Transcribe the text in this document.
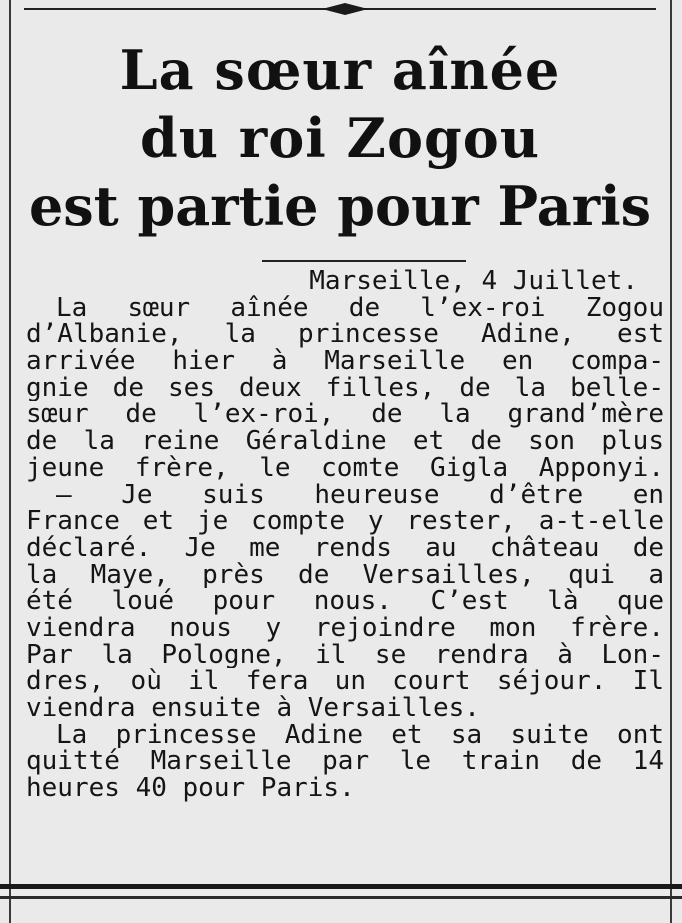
La sœur aînée
du roi Zogou
est partie pour Paris
Marseille, 4 Juillet.
La sœur aînée de l’ex-roi Zogou
d’Albanie, la princesse Adine, est
arrivée hier à Marseille en compa-
gnie de ses deux filles, de la belle-
sœur de l’ex-roi, de la grand’mère
de la reine Géraldine et de son plus
jeune frère, le comte Gigla Apponyi.
— Je suis heureuse d’être en
France et je compte y rester, a-t-elle
déclaré. Je me rends au château de
la Maye, près de Versailles, qui a
été loué pour nous. C’est là que
viendra nous y rejoindre mon frère.
Par la Pologne, il se rendra à Lon-
dres, où il fera un court séjour. Il
viendra ensuite à Versailles.
La princesse Adine et sa suite ont
quitté Marseille par le train de 14
heures 40 pour Paris.
